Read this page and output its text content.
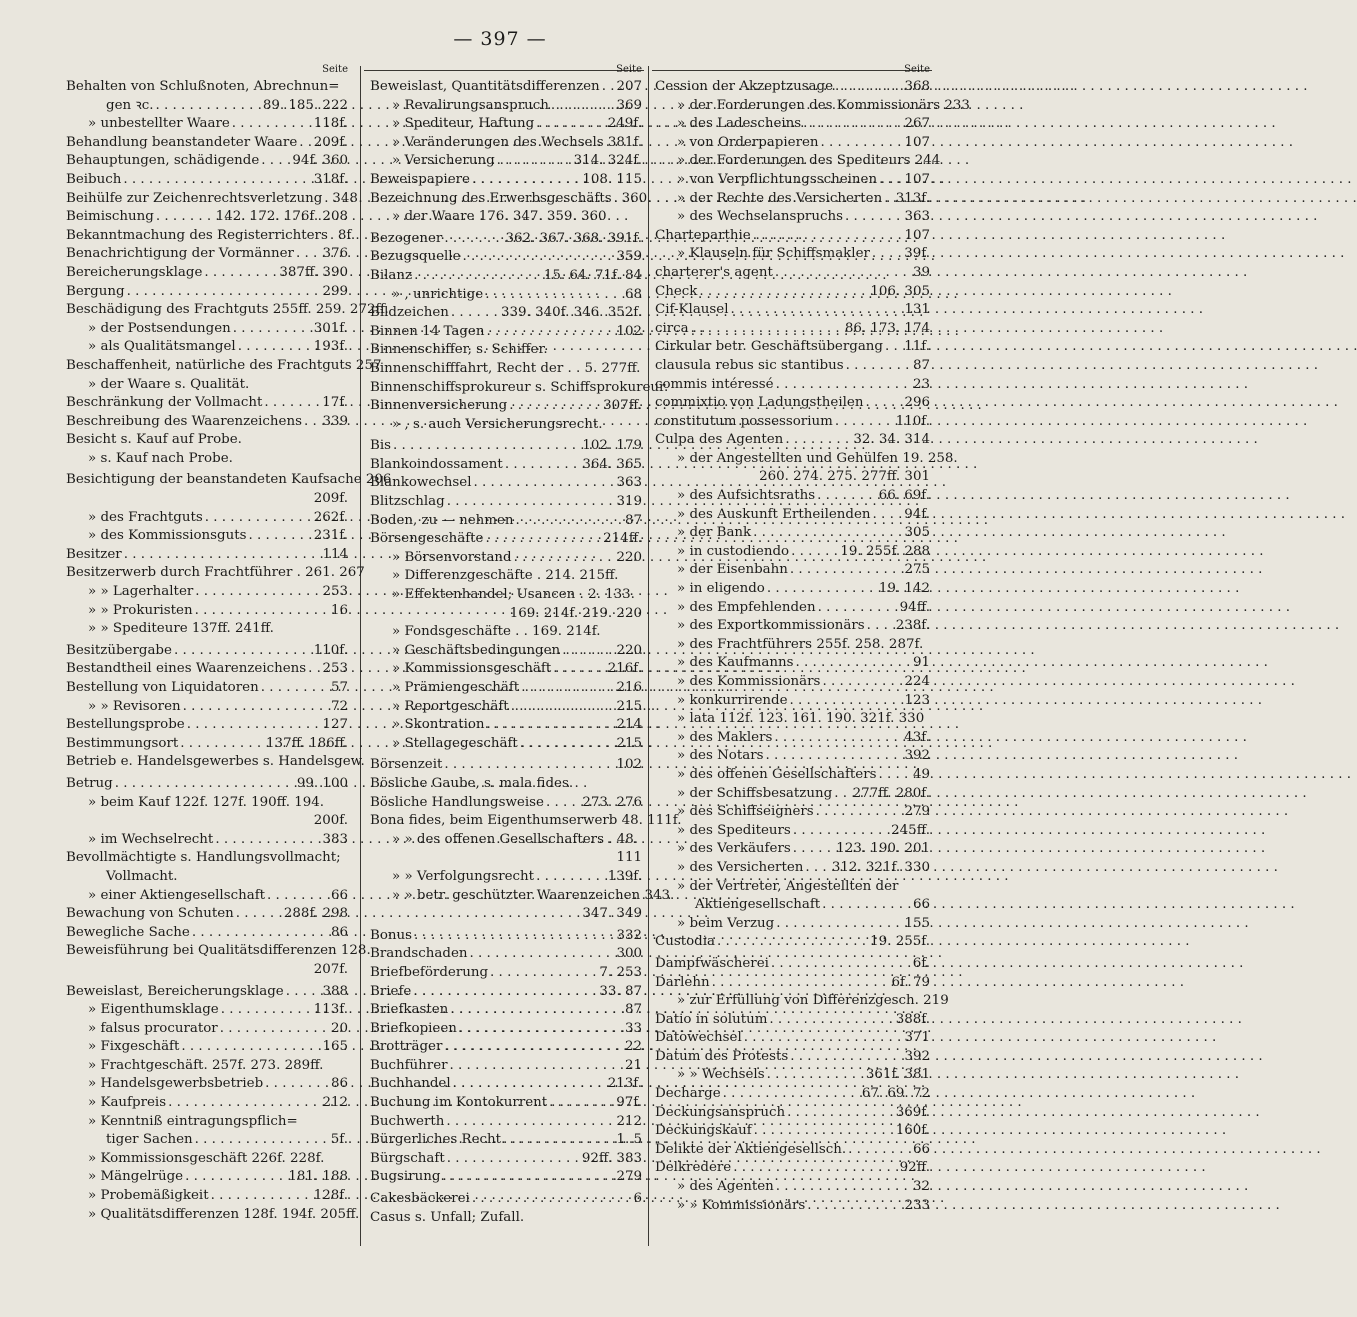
— 397 —
Seite
Behalten von Schlußnoten, Abrechnun=
gen ꝛc. . . .	89. 185. 222
» unbestellter Waare . . .	118f.
Behandlung beanstandeter Waare . . . 209f.
Behauptungen, schädigende . . . 94f. 360
Beibuch . . .	318f.
Beihülfe zur Zeichenrechtsverletzung . . . 348
Beimischung . . .	142. 172. 176f. 208
Bekanntmachung des Registerrichters . . . 8f.
Benachrichtigung der Vormänner . . . 376
Bereicherungsklage . . .	387ff. 390
Bergung . . .	299
Beschädigung des Frachtguts 255ff. 259. 272ff.
» der Postsendungen . . .	301f.
» als Qualitätsmangel . . .	193f.
Beschaffenheit, natürliche des Frachtguts 257
» der Waare s. Qualität.
Beschränkung der Vollmacht . . .	17f.
Beschreibung des Waarenzeichens . . . 339
Besicht s. Kauf auf Probe.
» s. Kauf nach Probe.
Besichtigung der beanstandeten Kaufsache 206
209f.
» des Frachtguts . . .	262f.
» des Kommissionsguts . . .	231f.
Besitzer . . .	114
Besitzerwerb durch Frachtführer . 261. 267
» » Lagerhalter . . .	253
» » Prokuristen . . .	16
» » Spediteure 137ff. 241ff.
Besitzübergabe . . .	110f.
Bestandtheil eines Waarenzeichens . . . 253
Bestellung von Liquidatoren . . .	57
» » Revisoren . . .	72
Bestellungsprobe . . .	127
Bestimmungsort . . .	137ff. 186ff.
Betrieb e. Handelsgewerbes s. Handelsgew.
Betrug . . .	99. 100
» beim Kauf 122f. 127f. 190ff. 194.
200f.
» im Wechselrecht . . .	383
Bevollmächtigte s. Handlungsvollmacht;
Vollmacht.
» einer Aktiengesellschaft . . .	66
Bewachung von Schuten . . .	288f. 298
Bewegliche Sache . . .	86
Beweisführung bei Qualitätsdifferenzen 128.
207f.
Beweislast, Bereicherungsklage . . .	388
» Eigenthumsklage . . .	113f.
» falsus procurator . . .	20
» Fixgeschäft . . .	165
» Frachtgeschäft. 257f. 273. 289ff.
» Handelsgewerbsbetrieb . . .	86
» Kaufpreis . . .	212
» Kenntniß eintragungspflich=
tiger Sachen . . .	5f.
» Kommissionsgeschäft 226f. 228f.
» Mängelrüge . . .	181. 188
» Probemäßigkeit . . .	128f.
» Qualitätsdifferenzen 128f. 194f. 205ff.
Seite
Beweislast, Quantitätsdifferenzen . . . 207
» Revalirungsanspruch . . .	369
» Spediteur, Haftung . . .	249f.
» Veränderungen des Wechsels 381f.
» Versicherung . . .	314. 324f.
Beweispapiere . . .	108. 115
Bezeichnung des Erwerbsgeschäfts . . . 360
» der Waare 176. 347. 359. 360
Bezogener . . .	362. 367. 368. 391f.
Bezugsquelle . . .	359
Bilanz . . .	15. 64. 71f. 84
» , unrichtige . . .	68
Bildzeichen . . .	339. 340f. 346. 352f.
Binnen 14 Tagen . . .	102
Binnenschiffer, s. Schiffer.
Binnenschifffahrt, Recht der . . 5. 277ff.
Binnenschiffsprokureur s. Schiffsprokureur.
Binnenversicherung . . .	307ff.
» , s. auch Versicherungsrecht.
Bis . . .	102. 179
Blankoindossament . . .	364. 365
Blankowechsel . . .	363
Blitzschlag . . .	319
Boden, zu — nehmen . . .	87
Börsengeschäfte . . .	214ff.
» Börsenvorstand . . .	220
» Differenzgeschäfte . 214. 215ff.
» Effektenhandel; Usancen . 2. 133.
169. 214f. 219. 220
» Fondsgeschäfte . . 169. 214f.
» Geschäftsbedingungen . . .	220
» Kommissionsgeschäft . . .	216f.
» Prämiengeschäft . . .	216
» Reportgeschäft . . .	215
» Skontration . . .	214
» Stellagegeschäft . . .	215
Börsenzeit . . .	102
Bösliche Gaube, s. mala fides.
Bösliche Handlungsweise . . .	273. 276
Bona fides, beim Eigenthumserwerb 48. 111f.
» » des offenen Gesellschafters . 48.
111
» » Verfolgungsrecht . . .	139f.
» » betr. geschützter Waarenzeichen 343.
347. 349
Bonus . . .	332
Brandschaden . . .	300
Briefbeförderung . . .	7. 253
Briefe . . .	33. 87
Briefkasten . . .	87
Briefkopieen . . .	33
Brotträger . . .	22
Buchführer . . .	21
Buchhandel . . .	213f.
Buchung im Kontokurrent . . .	97f.
Buchwerth . . .	212
Bürgerliches Recht . . .	1. 5
Bürgschaft . . .	92ff. 383
Bugsirung . . .	279
Cakesbäckerei . . .	6
Casus s. Unfall; Zufall.
Seite
Cession der Akzeptzusage . . .	368
» der Forderungen des Kommissionärs 233
» des Ladescheins . . .	267
» von Orderpapieren . . .	107
» der Forderungen des Spediteurs 244
» von Verpflichtungsscheinen . . . 107
» der Rechte des Versicherten . . . 313f.
» des Wechselanspruchs . . .	363
Charteparthie . . .	107
» Klauseln für Schiffsmakler . . .	39f.
charterer's agent . . .	39
Check . . .	106. 305
Cif-Klausel . . .	131
circa . . .	86. 173. 174
Cirkular betr. Geschäftsübergang . . . 11f.
clausula rebus sic stantibus . . .	87
commis intéressé . . .	23
commixtio von Ladungstheilen . . .	296
constitutum possessorium . . .	110f.
Culpa des Agenten . . .	32. 34. 314
» der Angestellten und Gehülfen 19. 258.
260. 274. 275. 277ff. 301
» des Aufsichtsraths . . .	66. 69f.
» des Auskunft Ertheilenden . . .	94f.
» der Bank . . .	305
» in custodiendo . . .	19. 255f. 288
» der Eisenbahn . . .	275
» in eligendo . . .	19. 142
» des Empfehlenden . . .	94ff.
» des Exportkommissionärs . . . 238f.
» des Frachtführers 255f. 258. 287f.
» des Kaufmanns . . .	91
» des Kommissionärs . . .	224
» konkurrirende . . .	123
» lata 112f. 123. 161. 190. 321f. 330
» des Maklers . . .	43f.
» des Notars . . .	392
» des offenen Gesellschafters . . .	49
» der Schiffsbesatzung . . . 277ff. 280f.
» des Schiffseigners . . .	279
» des Spediteurs . . .	245ff.
» des Verkäufers . . .	123. 190. 201
» des Versicherten . . . 312. 321f. 330
» der Vertreter, Angestellten der
Aktiengesellschaft . . .	66
» beim Verzug . . .	155
Custodia . . .	19. 255f.
Dampfwäscherei . . .	6f.
Darlehn . . .	6f. 79
» zur Erfüllung von Differenzgesch. 219
Datio in solutum . . .	388f.
Datowechsel . . .	371
Datum des Protests . . .	392
» » Wechsels . . .	361f. 381
Decharge . . .	67. 69. 72
Deckungsanspruch . . .	369f.
Deckungskauf . . .	160f.
Delikte der Aktiengesellsch. . . .	66
Delkredere . . .	92ff.
» des Agenten . . .	32
» » Kommissionärs . . .	233
